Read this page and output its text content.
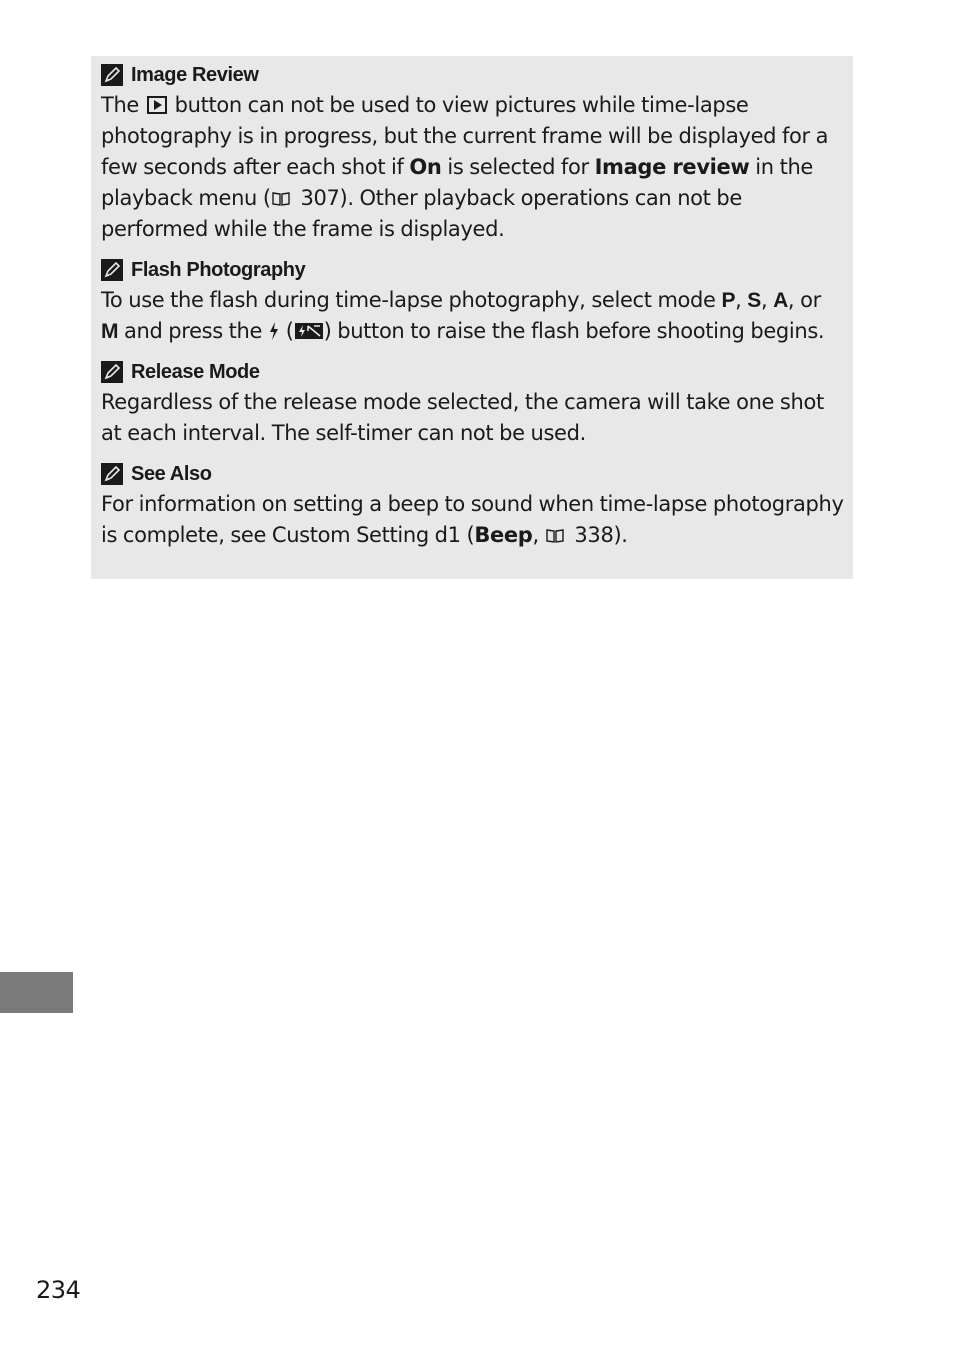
Image Review
The  button can not be used to view pictures while time-lapse photography is in progress, but the current frame will be displayed for a few seconds after each shot if On is selected for Image review in the playback menu ( 307). Other playback operations can not be performed while the frame is displayed.
Flash Photography
To use the flash during time-lapse photography, select mode P, S, A, or
M and press the  ( ) button to raise the flash before shooting begins.
Release Mode
Regardless of the release mode selected, the camera will take one shot at each interval. The self-timer can not be used.
See Also
For information on setting a beep to sound when time-lapse photography is complete, see Custom Setting d1 (Beep,  338).
234
